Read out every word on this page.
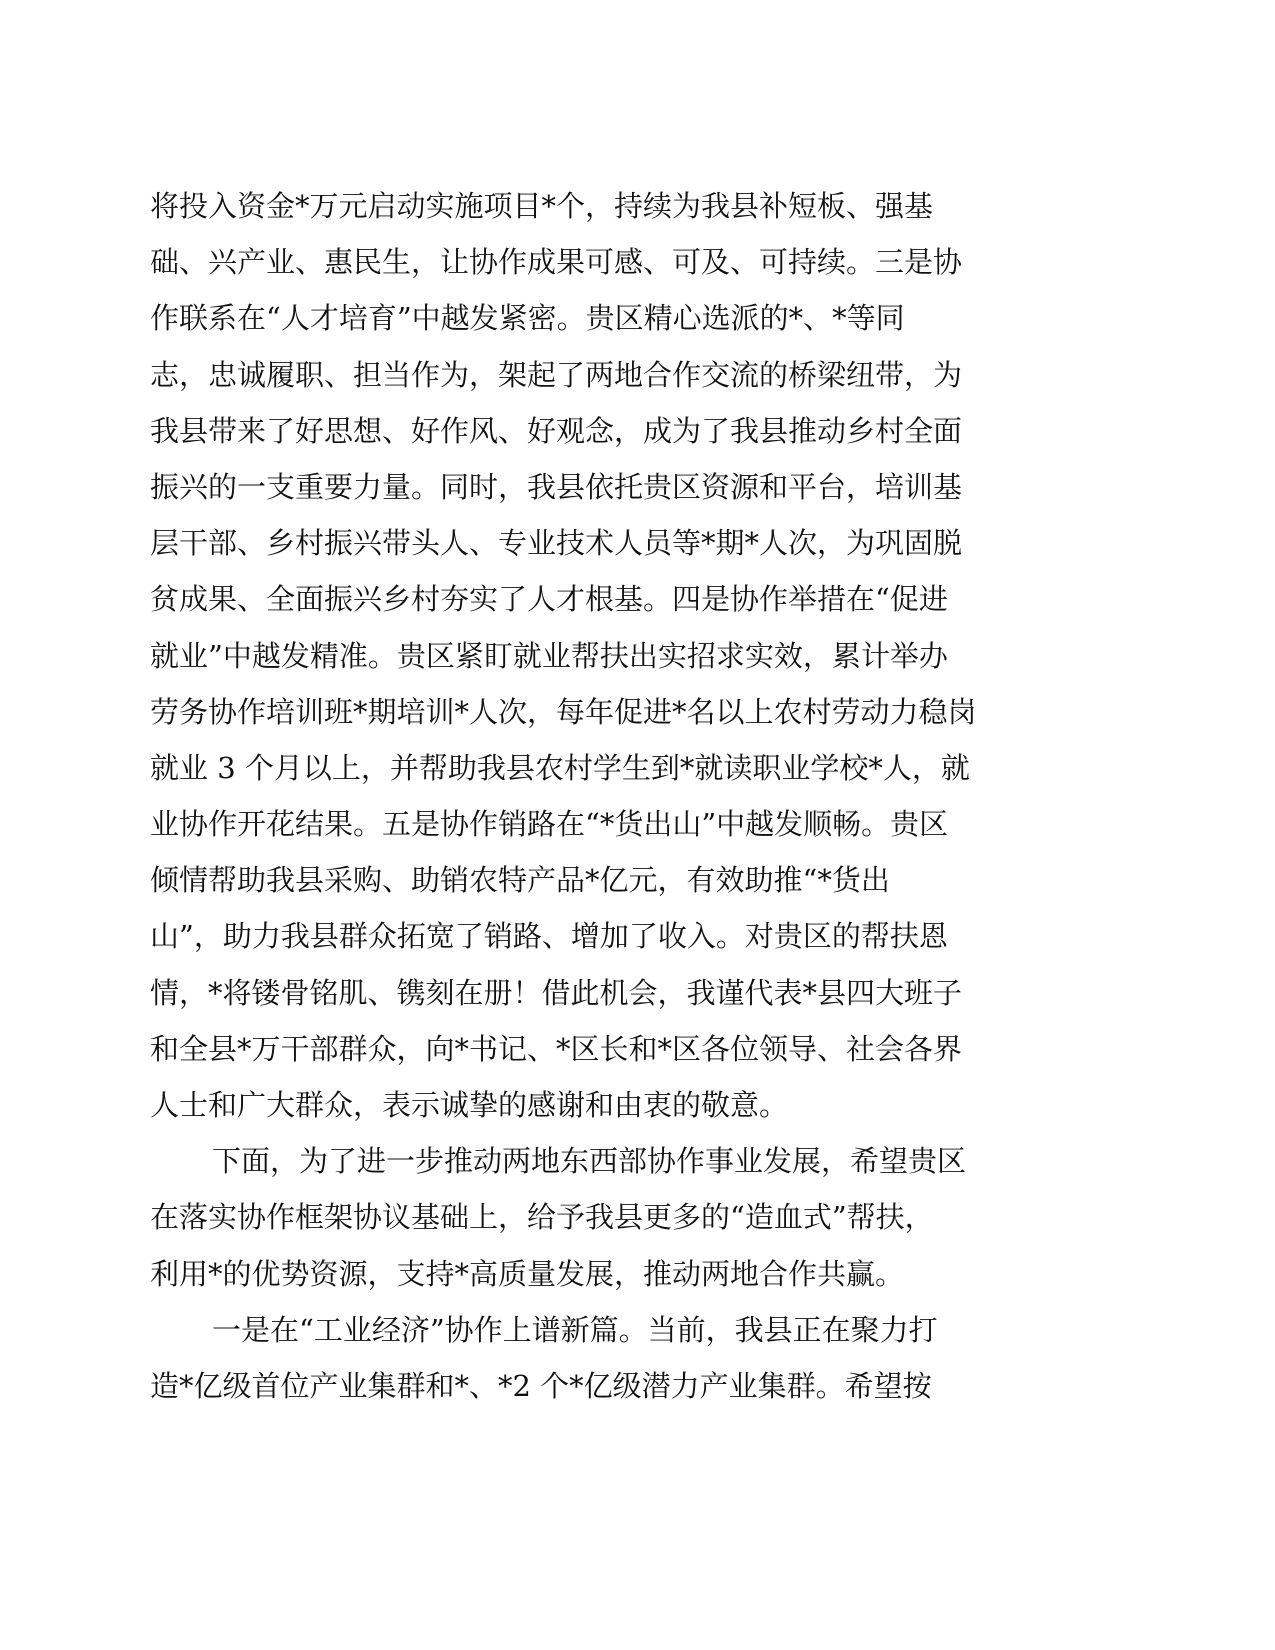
将投入资金*万元启动实施项目*个，持续为我县补短板、强基
础、兴产业、惠民生，让协作成果可感、可及、可持续。三是协
作联系在“人才培育”中越发紧密。贵区精心选派的*、*等同
志，忠诚履职、担当作为，架起了两地合作交流的桥梁纽带，为
我县带来了好思想、好作风、好观念，成为了我县推动乡村全面
振兴的一支重要力量。同时，我县依托贵区资源和平台，培训基
层干部、乡村振兴带头人、专业技术人员等*期*人次，为巩固脱
贫成果、全面振兴乡村夯实了人才根基。四是协作举措在“促进
就业”中越发精准。贵区紧盯就业帮扶出实招求实效，累计举办
劳务协作培训班*期培训*人次，每年促进*名以上农村劳动力稳岗
就业 3 个月以上，并帮助我县农村学生到*就读职业学校*人，就
业协作开花结果。五是协作销路在“*货出山”中越发顺畅。贵区
倾情帮助我县采购、助销农特产品*亿元，有效助推“*货出
山”，助力我县群众拓宽了销路、增加了收入。对贵区的帮扶恩
情，*将镂骨铭肌、镌刻在册！借此机会，我谨代表*县四大班子
和全县*万干部群众，向*书记、*区长和*区各位领导、社会各界
人士和广大群众，表示诚挚的感谢和由衷的敬意。
下面，为了进一步推动两地东西部协作事业发展，希望贵区
在落实协作框架协议基础上，给予我县更多的“造血式”帮扶，
利用*的优势资源，支持*高质量发展，推动两地合作共赢。
一是在“工业经济”协作上谱新篇。当前，我县正在聚力打
造*亿级首位产业集群和*、*2 个*亿级潜力产业集群。希望按
